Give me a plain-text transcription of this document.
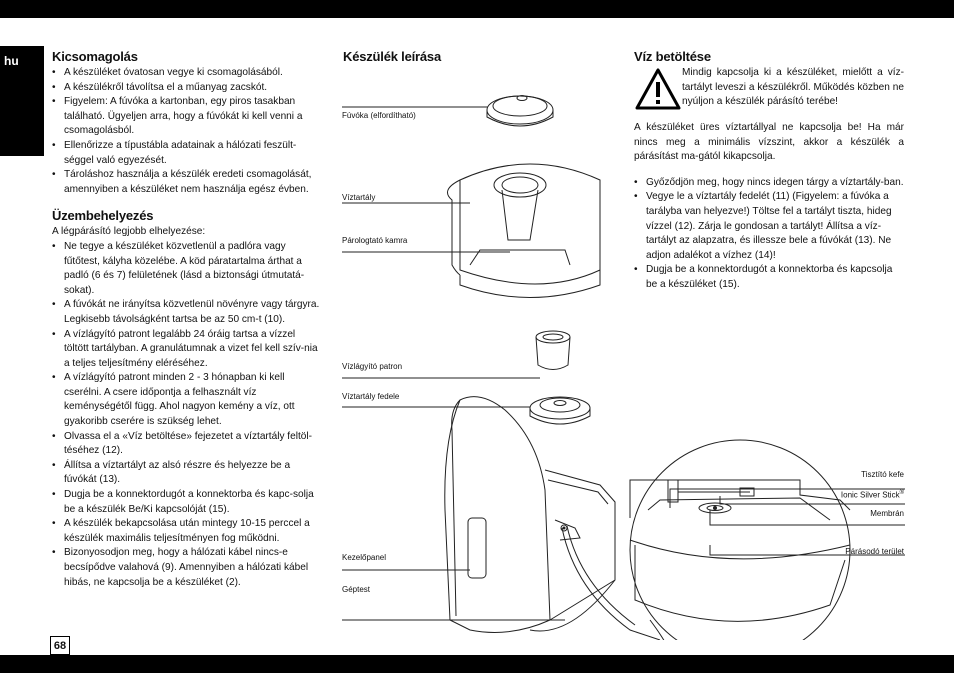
hu
68
Kicsomagolás
• A készüléket óvatosan vegye ki csomagolásából.
• A készülékről távolítsa el a műanyag zacskót.
• Figyelem: A fúvóka a kartonban, egy piros tasakban található. Ügyeljen arra, hogy a fúvókát ki kell venni a csomagolásból.
• Ellenőrizze a típustábla adatainak a hálózati feszült-séggel való egyezését.
• Tároláshoz használja a készülék eredeti csomagolását, amennyiben a készüléket nem használja egész évben.
Üzembehelyezés

A légpárásító legjobb elhelyezése:

• Ne tegye a készüléket közvetlenül a padlóra vagy fűtőtest, kályha közelébe. A köd páratartalma árthat a padló (6 és 7) felületének (lásd a biztonsági útmutatá-sokat).
• A fúvókát ne irányítsa közvetlenül növényre vagy tárgyra. Legkisebb távolságként tartsa be az 50 cm-t (10).
• A vízlágyító patront legalább 24 óráig tartsa a vízzel töltött tartályban. A granulátumnak a vizet fel kell szív-nia a teljes teljesítmény eléréséhez.
• A vízlágyító patront minden 2 - 3 hónapban ki kell cserélni. A csere időpontja a felhasznált víz keménységétől függ. Ahol nagyon kemény a víz, ott gyakoribb cserére is szükség lehet.
• Olvassa el a «Víz betöltése» fejezetet a víztartály feltöl-téséhez (12).
• Állítsa a víztartályt az alsó részre és helyezze be a fúvókát (13).
• Dugja be a konnektordugót a konnektorba és kapc-solja be a készülék Be/Ki kapcsolóját (15).
• A készülék bekapcsolása után mintegy 10-15 perccel a készülék maximális teljesítményen fog működni.
• Bizonyosodjon meg, hogy a hálózati kábel nincs-e becsípődve valahová (9). Amennyiben a hálózati kábel hibás, ne kapcsolja be a készüléket (2).
Készülék leírása
Fúvóka (elfordítható)
Víztartály
Párologtató kamra
Vízlágyító patron
Víztartály fedele
Kezelőpanel
Géptest
Tisztító kefe
Ionic Silver Stick®
Membrán
Párásodó terület
Víz betöltése

Mindig kapcsolja ki a készüléket, mielőtt a víz-tartályt leveszi a készülékről. Működés közben ne nyúljon a készülék párásító terébe!

A készüléket üres víztartállyal ne kapcsolja be! Ha már nincs meg a minimális vízszint, akkor a készülék a párásítást ma-gától kikapcsolja.

• Győződjön meg, hogy nincs idegen tárgy a víztartály-ban.
• Vegye le a víztartály fedelét (11) (Figyelem: a fúvóka a tarályba van helyezve!) Töltse fel a tartályt tiszta, hideg vízzel (12). Zárja le gondosan a tartályt! Állítsa a víz-tartályt az alapzatra, és illessze bele a fúvókát (13). Ne adjon adalékot a vízhez (14)!
• Dugja be a konnektordugót a konnektorba és kapcsolja be a készüléket (15).
